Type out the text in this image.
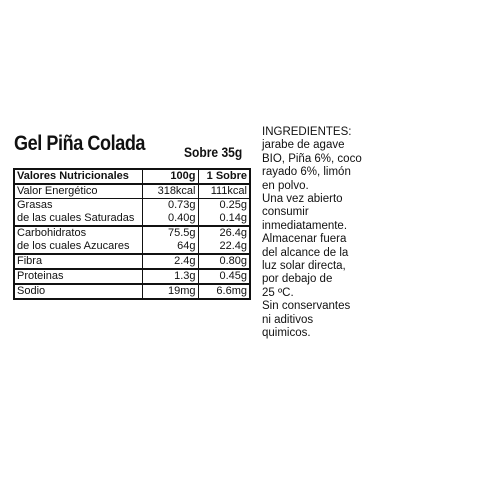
Gel Piña Colada	Sobre 35g
Valores Nutricionales	100g	1 Sobre
Valor Energético	318kcal	111kcal
Grasas	0.73g	0.25g
de las cuales Saturadas	0.40g	0.14g
Carbohidratos	75.5g	26.4g
de los cuales Azucares	64g	22.4g
Fibra	2.4g	0.80g
Proteinas	1.3g	0.45g
Sodio	19mg	6.6mg
INGREDIENTES:
jarabe de agave
BIO, Piña 6%, coco
rayado 6%, limón
en polvo.
Una vez abierto
consumir
inmediatamente.
Almacenar fuera
del alcance de la
luz solar directa,
por debajo de
25 ºC.
Sin conservantes
ni aditivos
quimicos.
